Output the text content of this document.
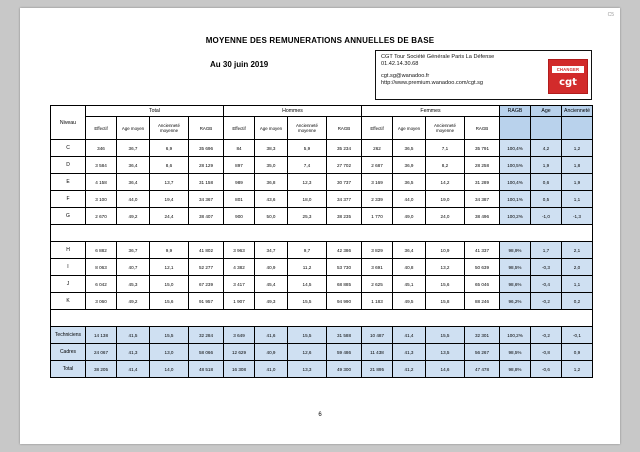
C5
MOYENNE DES REMUNERATIONS ANNUELLES DE BASE
Au 30 juin 2019
CGT Tour Société Générale Paris La Défense
01.42.14.30.68
cgt.sg@wanadoo.fr
http://www.premium.wanadoo.com/cgt.sg
CHANGER
cgt
Niveau	Total				Hommes				Femmes				RAGB	Age	Ancienneté
	Effectif	Age moyen	Ancienneté moyenne	RAGB	Effectif	Age moyen	Ancienneté moyenne	RAGB	Effectif	Age moyen	Ancienneté moyenne	RAGB			
C	346	36,7	6,9	35 696	84	38,3	5,9	35 234	262	36,5	7,1	35 791	100,4%	4,2	1,2
D	3 584	36,4	8,6	28 129	897	35,0	7,4	27 702	2 687	36,9	8,2	28 258	100,5%	1,9	1,8
E	4 158	36,4	13,7	31 158	989	36,8	12,3	30 737	3 169	36,5	14,2	31 289	100,4%	0,6	1,9
F	3 100	44,0	19,4	34 367	801	43,6	18,0	34 377	2 339	44,0	19,0	34 387	100,1%	0,5	1,1
G	2 670	49,2	24,4	38 407	900	50,0	25,3	38 235	1 770	49,0	24,0	38 496	100,2%	-1,0	-1,3

H	6 882	36,7	9,9	41 802	3 963	34,7	9,7	42 386	3 829	36,4	10,9	41 337	98,9%	1,7	2,1
I	8 063	40,7	12,1	52 277	4 382	40,9	11,2	53 730	3 691	40,8	13,2	50 639	98,5%	-0,3	2,0
J	6 042	45,3	15,0	67 239	3 417	45,4	14,5	68 885	2 625	45,1	15,6	65 046	98,6%	-0,4	1,1
K	3 060	49,2	15,6	91 957	1 907	49,3	15,5	94 990	1 183	49,5	15,8	88 246	96,2%	-0,2	0,2

Techniciens	14 138	41,5	15,5	32 284	3 649	41,6	15,5	31 588	10 487	41,4	15,5	32 301	100,2%	-0,2	-0,1
Cadres	24 067	41,3	13,0	58 066	12 629	40,9	12,6	59 486	11 438	41,3	13,5	56 267	98,5%	-0,8	0,9
Total	38 205	41,4	14,0	48 518	16 308	41,0	13,3	49 300	21 895	41,2	14,6	47 478	98,8%	-0,6	1,2
6
